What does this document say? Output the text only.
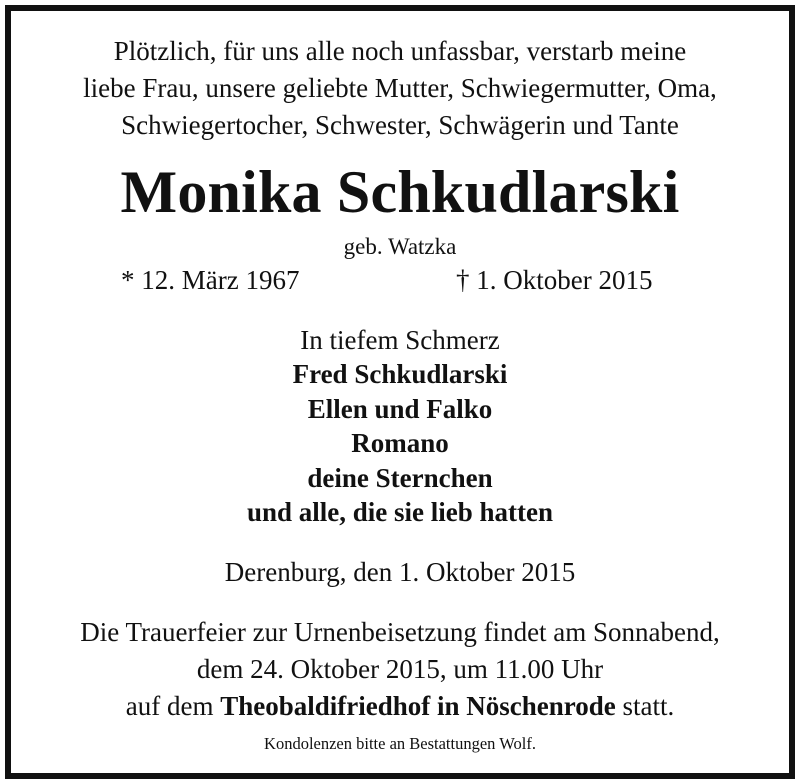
Plötzlich, für uns alle noch unfassbar, verstarb meine
liebe Frau, unsere geliebte Mutter, Schwiegermutter, Oma,
Schwiegertocher, Schwester, Schwägerin und Tante
Monika Schkudlarski
geb. Watzka
* 12. März 1967	† 1. Oktober 2015
In tiefem Schmerz
Fred Schkudlarski
Ellen und Falko
Romano
deine Sternchen
und alle, die sie lieb hatten
Derenburg, den 1. Oktober 2015
Die Trauerfeier zur Urnenbeisetzung findet am Sonnabend,
dem 24. Oktober 2015, um 11.00 Uhr
auf dem Theobaldifriedhof in Nöschenrode statt.
Kondolenzen bitte an Bestattungen Wolf.
